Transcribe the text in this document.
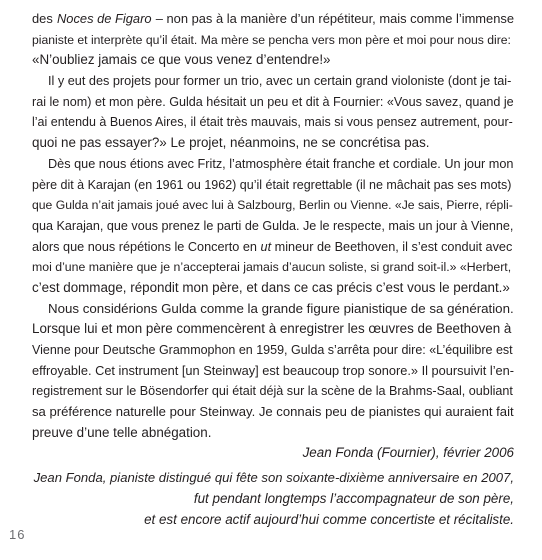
des Noces de Figaro – non pas à la manière d’un répétiteur, mais comme l’immense
pianiste et interprète qu’il était. Ma mère se pencha vers mon père et moi pour nous dire:
«N’oubliez jamais ce que vous venez d’entendre!»
Il y eut des projets pour former un trio, avec un certain grand violoniste (dont je tai-
rai le nom) et mon père. Gulda hésitait un peu et dit à Fournier: «Vous savez, quand je
l’ai entendu à Buenos Aires, il était très mauvais, mais si vous pensez autrement, pour-
quoi ne pas essayer?» Le projet, néanmoins, ne se concrétisa pas.
Dès que nous étions avec Fritz, l’atmosphère était franche et cordiale. Un jour mon
père dit à Karajan (en 1961 ou 1962) qu’il était regrettable (il ne mâchait pas ses mots)
que Gulda n’ait jamais joué avec lui à Salzbourg, Berlin ou Vienne. «Je sais, Pierre, répli-
qua Karajan, que vous prenez le parti de Gulda. Je le respecte, mais un jour à Vienne,
alors que nous répétions le Concerto en ut mineur de Beethoven, il s’est conduit avec
moi d’une manière que je n’accepterai jamais d’aucun soliste, si grand soit-il.» «Herbert,
c’est dommage, répondit mon père, et dans ce cas précis c’est vous le perdant.»
Nous considérions Gulda comme la grande figure pianistique de sa génération.
Lorsque lui et mon père commencèrent à enregistrer les œuvres de Beethoven à
Vienne pour Deutsche Grammophon en 1959, Gulda s’arrêta pour dire: «L’équilibre est
effroyable. Cet instrument [un Steinway] est beaucoup trop sonore.» Il poursuivit l’en-
registrement sur le Bösendorfer qui était déjà sur la scène de la Brahms-Saal, oubliant
sa préférence naturelle pour Steinway. Je connais peu de pianistes qui auraient fait
preuve d’une telle abnégation.
Jean Fonda (Fournier), février 2006
Jean Fonda, pianiste distingué qui fête son soixante-dixième anniversaire en 2007,
fut pendant longtemps l’accompagnateur de son père,
et est encore actif aujourd’hui comme concertiste et récitaliste.
16
